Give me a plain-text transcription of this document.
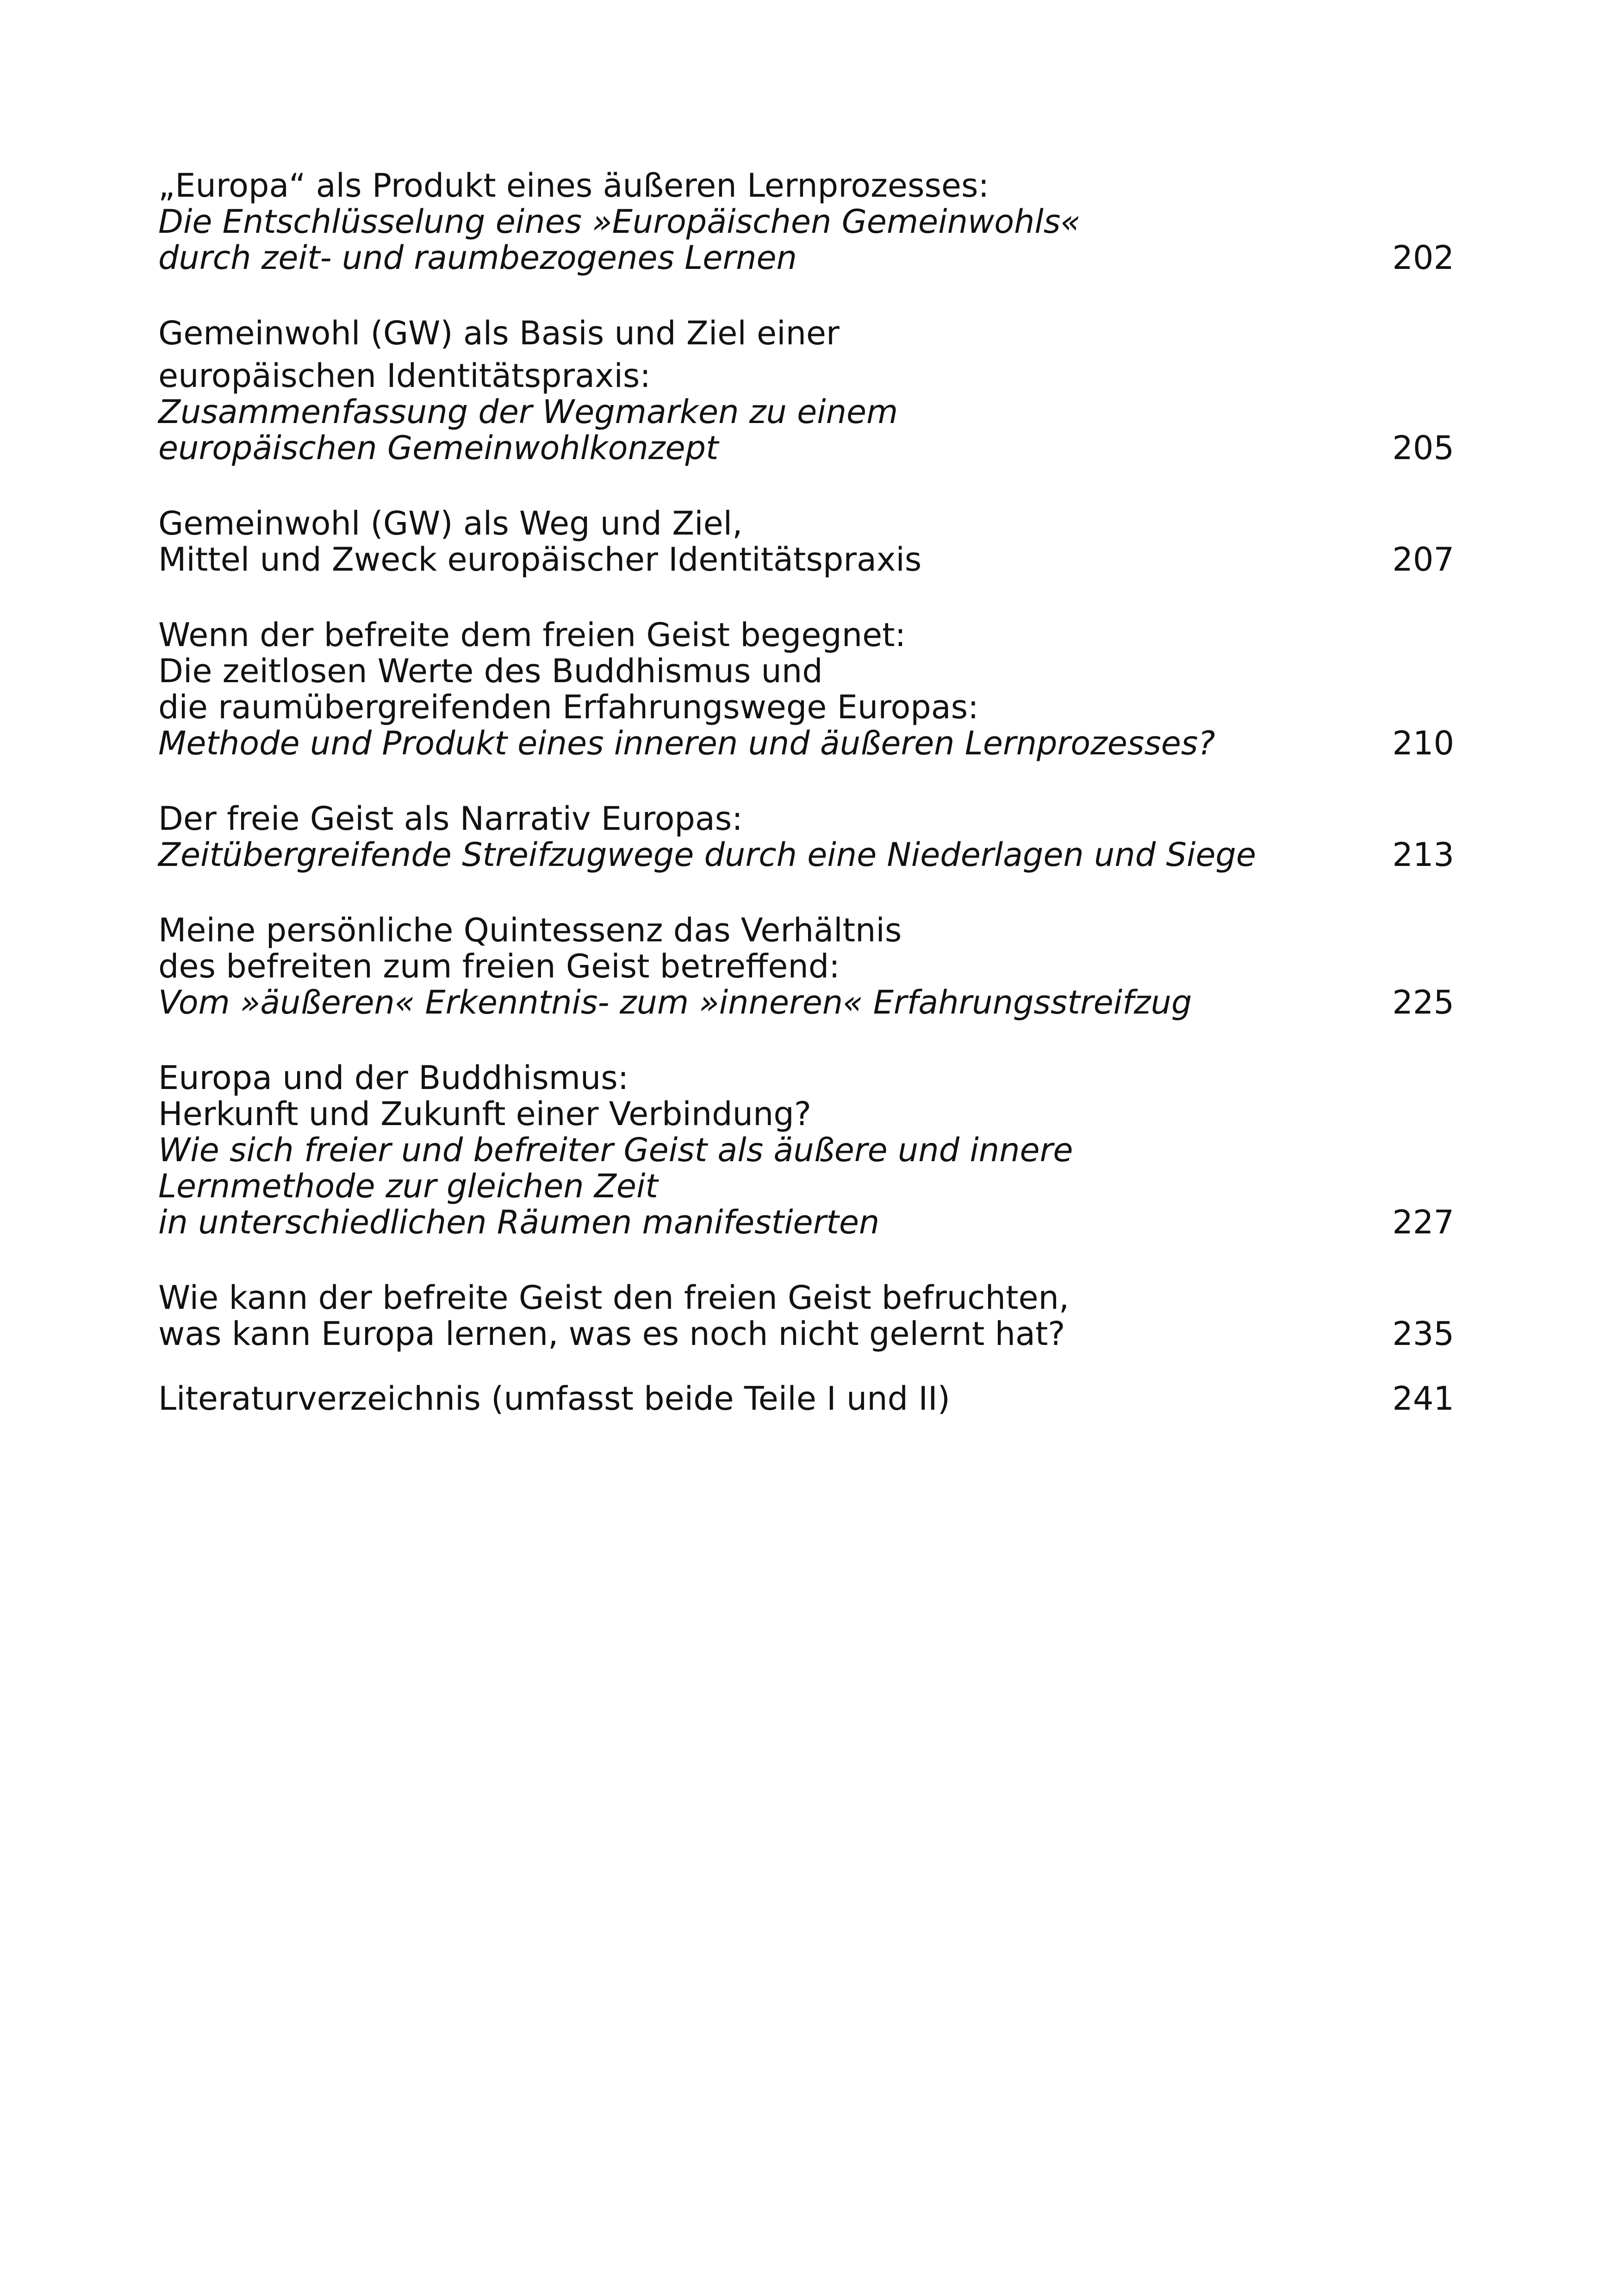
„Europa“ als Produkt eines äußeren Lernprozesses:
Die Entschlüsselung eines »Europäischen Gemeinwohls«
durch zeit- und raumbezogenes Lernen	202
Gemeinwohl (GW) als Basis und Ziel einer
europäischen Identitätspraxis:
Zusammenfassung der Wegmarken zu einem
europäischen Gemeinwohlkonzept	205
Gemeinwohl (GW) als Weg und Ziel,
Mittel und Zweck europäischer Identitätspraxis	207
Wenn der befreite dem freien Geist begegnet:
Die zeitlosen Werte des Buddhismus und
die raumübergreifenden Erfahrungswege Europas:
Methode und Produkt eines inneren und äußeren Lernprozesses?	210
Der freie Geist als Narrativ Europas:
Zeitübergreifende Streifzugwege durch eine Niederlagen und Siege	213
Meine persönliche Quintessenz das Verhältnis
des befreiten zum freien Geist betreffend:
Vom »äußeren« Erkenntnis- zum »inneren« Erfahrungsstreifzug	225
Europa und der Buddhismus:
Herkunft und Zukunft einer Verbindung?
Wie sich freier und befreiter Geist als äußere und innere
Lernmethode zur gleichen Zeit
in unterschiedlichen Räumen manifestierten	227
Wie kann der befreite Geist den freien Geist befruchten,
was kann Europa lernen, was es noch nicht gelernt hat?	235
Literaturverzeichnis (umfasst beide Teile I und II)	241
